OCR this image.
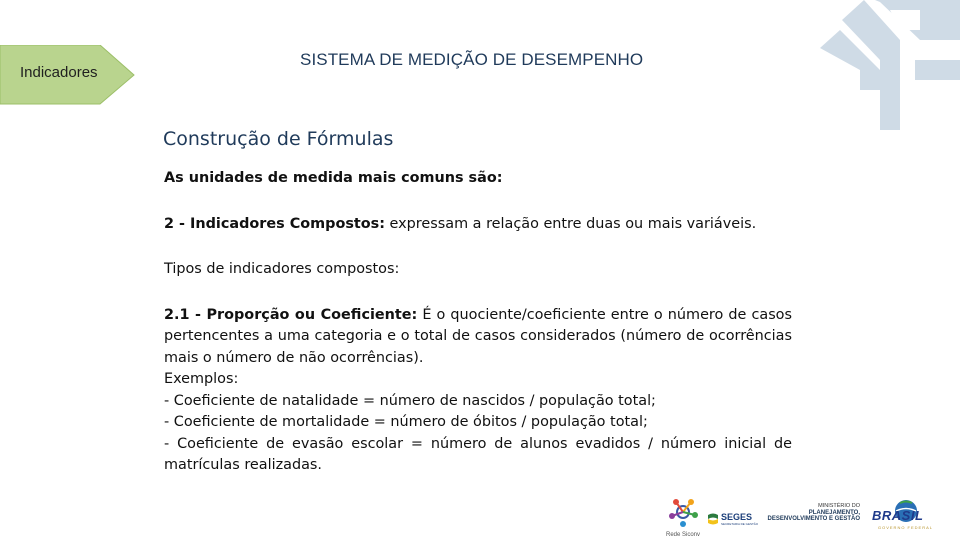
Indicadores
SISTEMA DE MEDIÇÃO DE DESEMPENHO
Construção de Fórmulas

As unidades de medida mais comuns são:

2 - Indicadores Compostos: expressam a relação entre duas ou mais variáveis.

Tipos de indicadores compostos:

2.1 - Proporção ou Coeficiente: É o quociente/coeficiente entre o número de casos pertencentes a uma categoria e o total de casos considerados (número de ocorrências mais o número de não ocorrências).

Exemplos:

- Coeficiente de natalidade = número de nascidos / população total;

- Coeficiente de mortalidade = número de óbitos / população total;

- Coeficiente de evasão escolar = número de alunos evadidos / número inicial de matrículas realizadas.

Rede Siconv
SEGES
SECRETARIA DE GESTÃO
MINISTÉRIO DO
PLANEJAMENTO,
DESENVOLVIMENTO E GESTÃO BRASIL
GOVERNO FEDERAL
